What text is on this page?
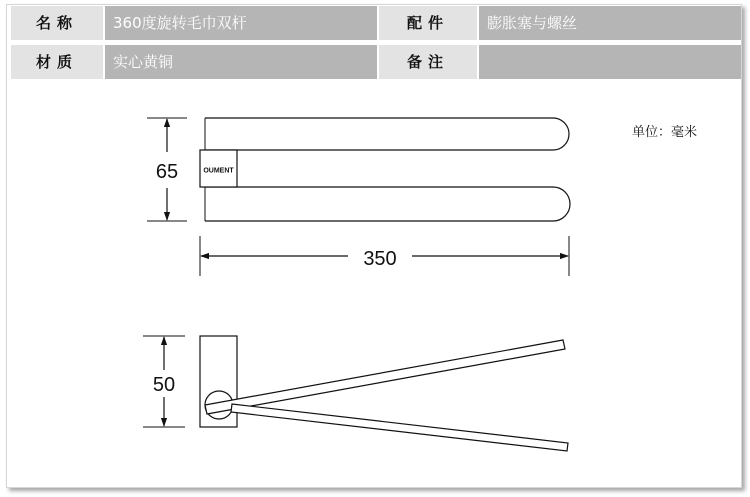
名称	360度旋转毛巾双杆	配件	膨胀塞与螺丝
材质	实心黄铜	备注
单位：毫米
OUMENT
65
350
50
